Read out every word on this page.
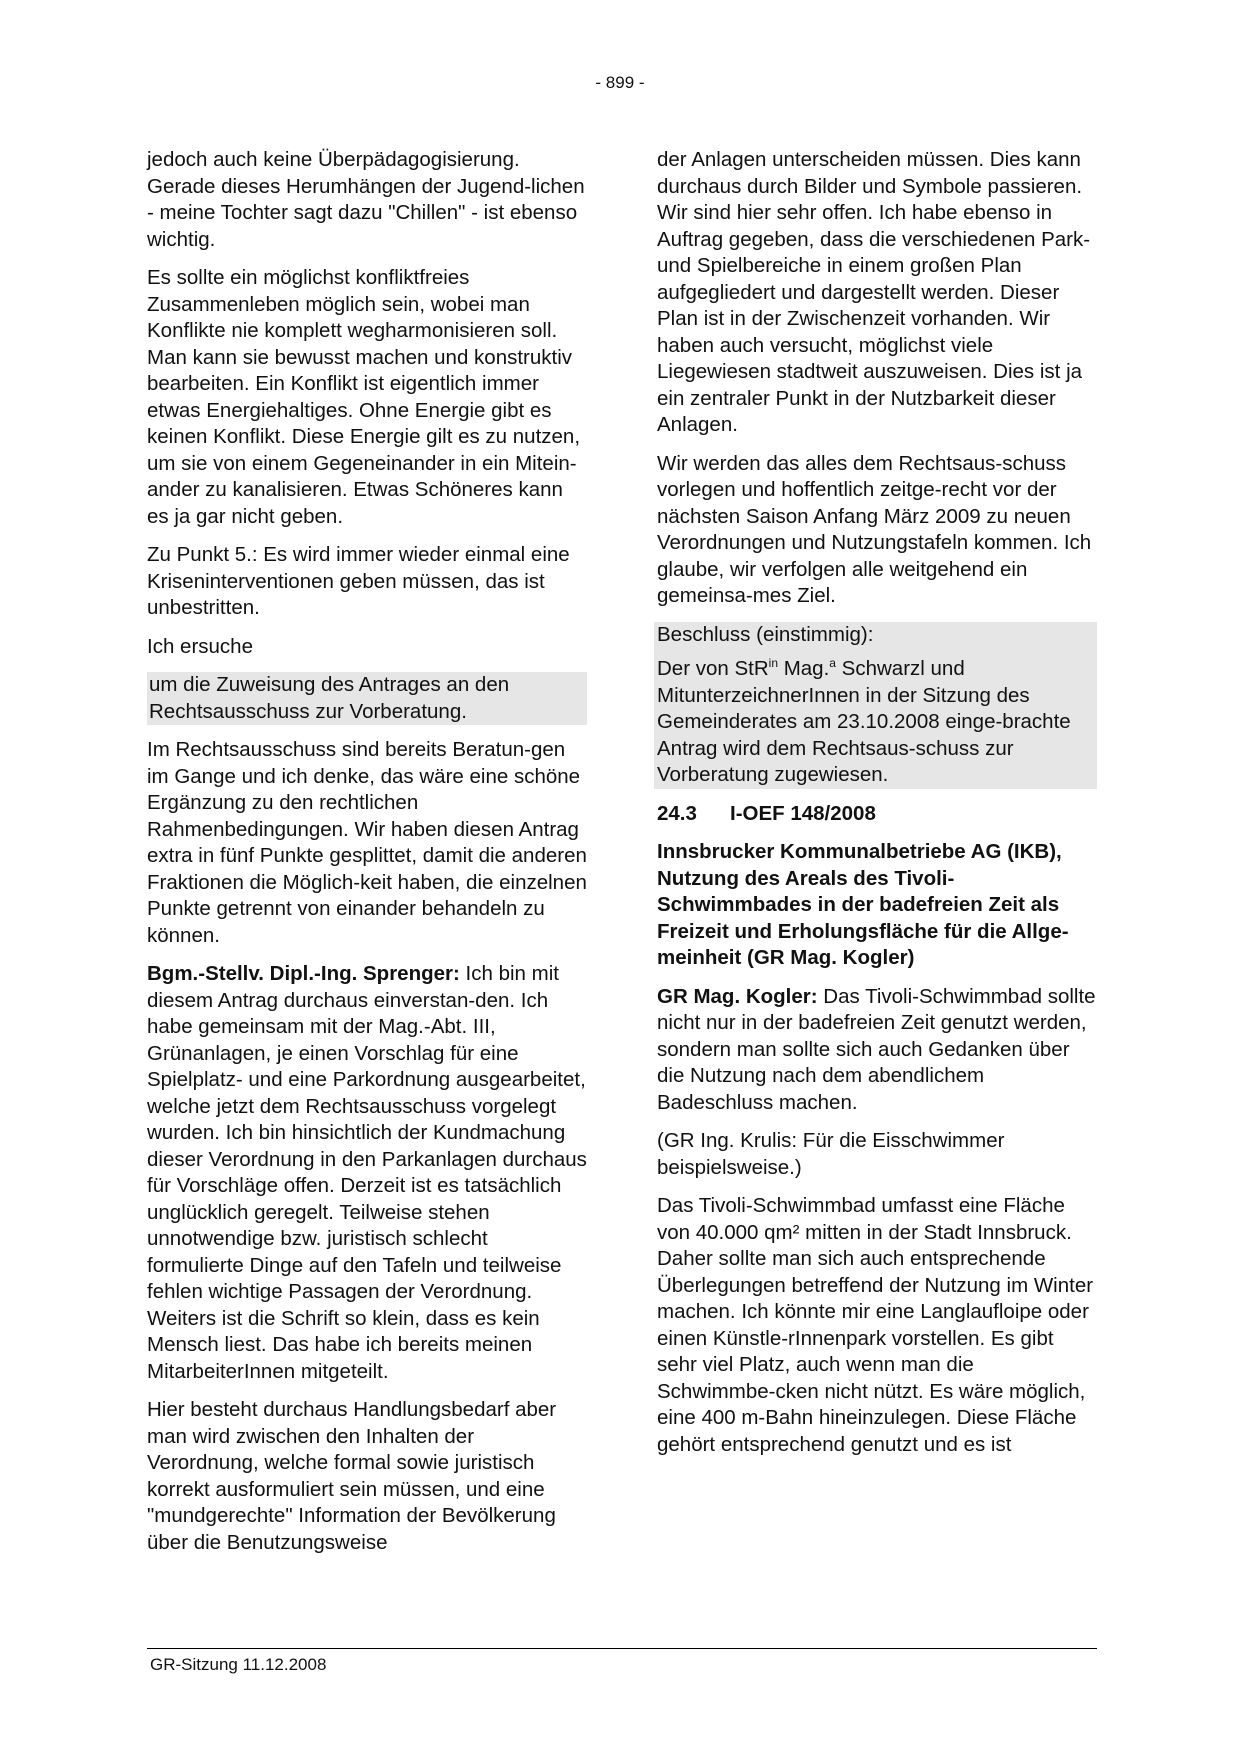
- 899 -

jedoch auch keine Überpädagogisierung. Gerade dieses Herumhängen der Jugend-lichen - meine Tochter sagt dazu "Chillen" - ist ebenso wichtig.

Es sollte ein möglichst konfliktfreies Zusammenleben möglich sein, wobei man Konflikte nie komplett wegharmonisieren soll. Man kann sie bewusst machen und konstruktiv bearbeiten. Ein Konflikt ist eigentlich immer etwas Energiehaltiges. Ohne Energie gibt es keinen Konflikt. Diese Energie gilt es zu nutzen, um sie von einem Gegeneinander in ein Mitein-ander zu kanalisieren. Etwas Schöneres kann es ja gar nicht geben.

Zu Punkt 5.: Es wird immer wieder einmal eine Kriseninterventionen geben müssen, das ist unbestritten.

Ich ersuche

um die Zuweisung des Antrages an den Rechtsausschuss zur Vorberatung.

Im Rechtsausschuss sind bereits Beratun-gen im Gange und ich denke, das wäre eine schöne Ergänzung zu den rechtlichen Rahmenbedingungen. Wir haben diesen Antrag extra in fünf Punkte gesplittet, damit die anderen Fraktionen die Möglich-keit haben, die einzelnen Punkte getrennt von einander behandeln zu können.

Bgm.-Stellv. Dipl.-Ing. Sprenger: Ich bin mit diesem Antrag durchaus einverstan-den. Ich habe gemeinsam mit der Mag.-Abt. III, Grünanlagen, je einen Vorschlag für eine Spielplatz- und eine Parkordnung ausgearbeitet, welche jetzt dem Rechtsausschuss vorgelegt wurden. Ich bin hinsichtlich der Kundmachung dieser Verordnung in den Parkanlagen durchaus für Vorschläge offen. Derzeit ist es tatsächlich unglücklich geregelt. Teilweise stehen unnotwendige bzw. juristisch schlecht formulierte Dinge auf den Tafeln und teilweise fehlen wichtige Passagen der Verordnung. Weiters ist die Schrift so klein, dass es kein Mensch liest. Das habe ich bereits meinen MitarbeiterInnen mitgeteilt.

Hier besteht durchaus Handlungsbedarf aber man wird zwischen den Inhalten der Verordnung, welche formal sowie juristisch korrekt ausformuliert sein müssen, und eine "mundgerechte" Information der Bevölkerung über die Benutzungsweise

der Anlagen unterscheiden müssen. Dies kann durchaus durch Bilder und Symbole passieren. Wir sind hier sehr offen. Ich habe ebenso in Auftrag gegeben, dass die verschiedenen Park- und Spielbereiche in einem großen Plan aufgegliedert und dargestellt werden. Dieser Plan ist in der Zwischenzeit vorhanden. Wir haben auch versucht, möglichst viele Liegewiesen stadtweit auszuweisen. Dies ist ja ein zentraler Punkt in der Nutzbarkeit dieser Anlagen.

Wir werden das alles dem Rechtsaus-schuss vorlegen und hoffentlich zeitge-recht vor der nächsten Saison Anfang März 2009 zu neuen Verordnungen und Nutzungstafeln kommen. Ich glaube, wir verfolgen alle weitgehend ein gemeinsa-mes Ziel.

Beschluss (einstimmig):

Der von StR$^{in}$ Mag.$^a$ Schwarzl und MitunterzeichnerInnen in der Sitzung des Gemeinderates am 23.10.2008 einge-brachte Antrag wird dem Rechtsaus-schuss zur Vorberatung zugewiesen.

24.3 I-OEF 148/2008

Innsbrucker Kommunalbetriebe AG (IKB), Nutzung des Areals des Tivoli-Schwimmbades in der badefreien Zeit als Freizeit und Erholungsfläche für die Allge-meinheit (GR Mag. Kogler)

GR Mag. Kogler: Das Tivoli-Schwimmbad sollte nicht nur in der badefreien Zeit genutzt werden, sondern man sollte sich auch Gedanken über die Nutzung nach dem abendlichem Badeschluss machen.

(GR Ing. Krulis: Für die Eisschwimmer beispielsweise.)

Das Tivoli-Schwimmbad umfasst eine Fläche von 40.000 qm² mitten in der Stadt Innsbruck. Daher sollte man sich auch entsprechende Überlegungen betreffend der Nutzung im Winter machen. Ich könnte mir eine Langlaufloipe oder einen Künstle-rInnenpark vorstellen. Es gibt sehr viel Platz, auch wenn man die Schwimmbe-cken nicht nützt. Es wäre möglich, eine 400 m-Bahn hineinzulegen. Diese Fläche gehört entsprechend genutzt und es ist

GR-Sitzung 11.12.2008
